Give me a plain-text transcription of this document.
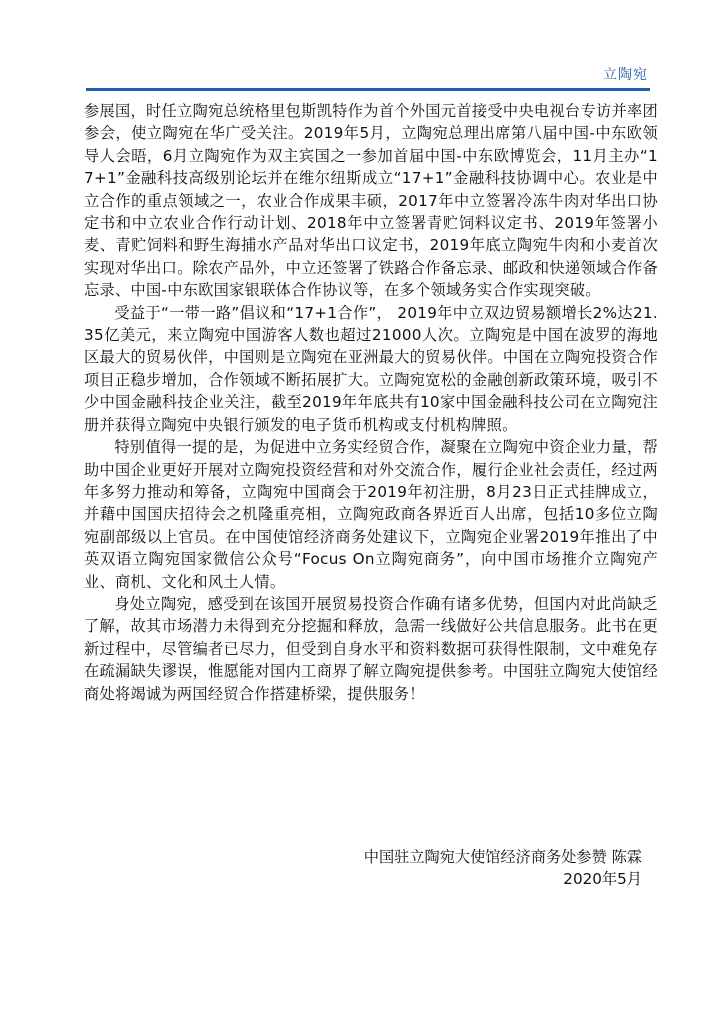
立陶宛

参展国，时任立陶宛总统格里包斯凯特作为首个外国元首接受中央电视台专访并率团参会，使立陶宛在华广受关注。2019年5月，立陶宛总理出席第八届中国-中东欧领导人会晤，6月立陶宛作为双主宾国之一参加首届中国-中东欧博览会，11月主办“17+1”金融科技高级别论坛并在维尔纽斯成立“17+1”金融科技协调中心。农业是中立合作的重点领域之一，农业合作成果丰硕，2017年中立签署冷冻牛肉对华出口协定书和中立农业合作行动计划、2018年中立签署青贮饲料议定书、2019年签署小麦、青贮饲料和野生海捕水产品对华出口议定书，2019年底立陶宛牛肉和小麦首次实现对华出口。除农产品外，中立还签署了铁路合作备忘录、邮政和快递领域合作备忘录、中国-中东欧国家银联体合作协议等，在多个领域务实合作实现突破。

受益于“一带一路”倡议和“17+1合作”， 2019年中立双边贸易额增长2%达21.35亿美元，来立陶宛中国游客人数也超过21000人次。立陶宛是中国在波罗的海地区最大的贸易伙伴，中国则是立陶宛在亚洲最大的贸易伙伴。中国在立陶宛投资合作项目正稳步增加，合作领域不断拓展扩大。立陶宛宽松的金融创新政策环境，吸引不少中国金融科技企业关注，截至2019年年底共有10家中国金融科技公司在立陶宛注册并获得立陶宛中央银行颁发的电子货币机构或支付机构牌照。

特别值得一提的是，为促进中立务实经贸合作，凝聚在立陶宛中资企业力量，帮助中国企业更好开展对立陶宛投资经营和对外交流合作，履行企业社会责任，经过两年多努力推动和筹备，立陶宛中国商会于2019年初注册，8月23日正式挂牌成立，并藉中国国庆招待会之机隆重亮相，立陶宛政商各界近百人出席，包括10多位立陶宛副部级以上官员。在中国使馆经济商务处建议下，立陶宛企业署2019年推出了中英双语立陶宛国家微信公众号“Focus On立陶宛商务”，向中国市场推介立陶宛产业、商机、文化和风土人情。

身处立陶宛，感受到在该国开展贸易投资合作确有诸多优势，但国内对此尚缺乏了解，故其市场潜力未得到充分挖掘和释放，急需一线做好公共信息服务。此书在更新过程中，尽管编者已尽力，但受到自身水平和资料数据可获得性限制，文中难免存在疏漏缺失谬误，惟愿能对国内工商界了解立陶宛提供参考。中国驻立陶宛大使馆经商处将竭诚为两国经贸合作搭建桥梁，提供服务！

中国驻立陶宛大使馆经济商务处参赞 陈霖
2020年5月
